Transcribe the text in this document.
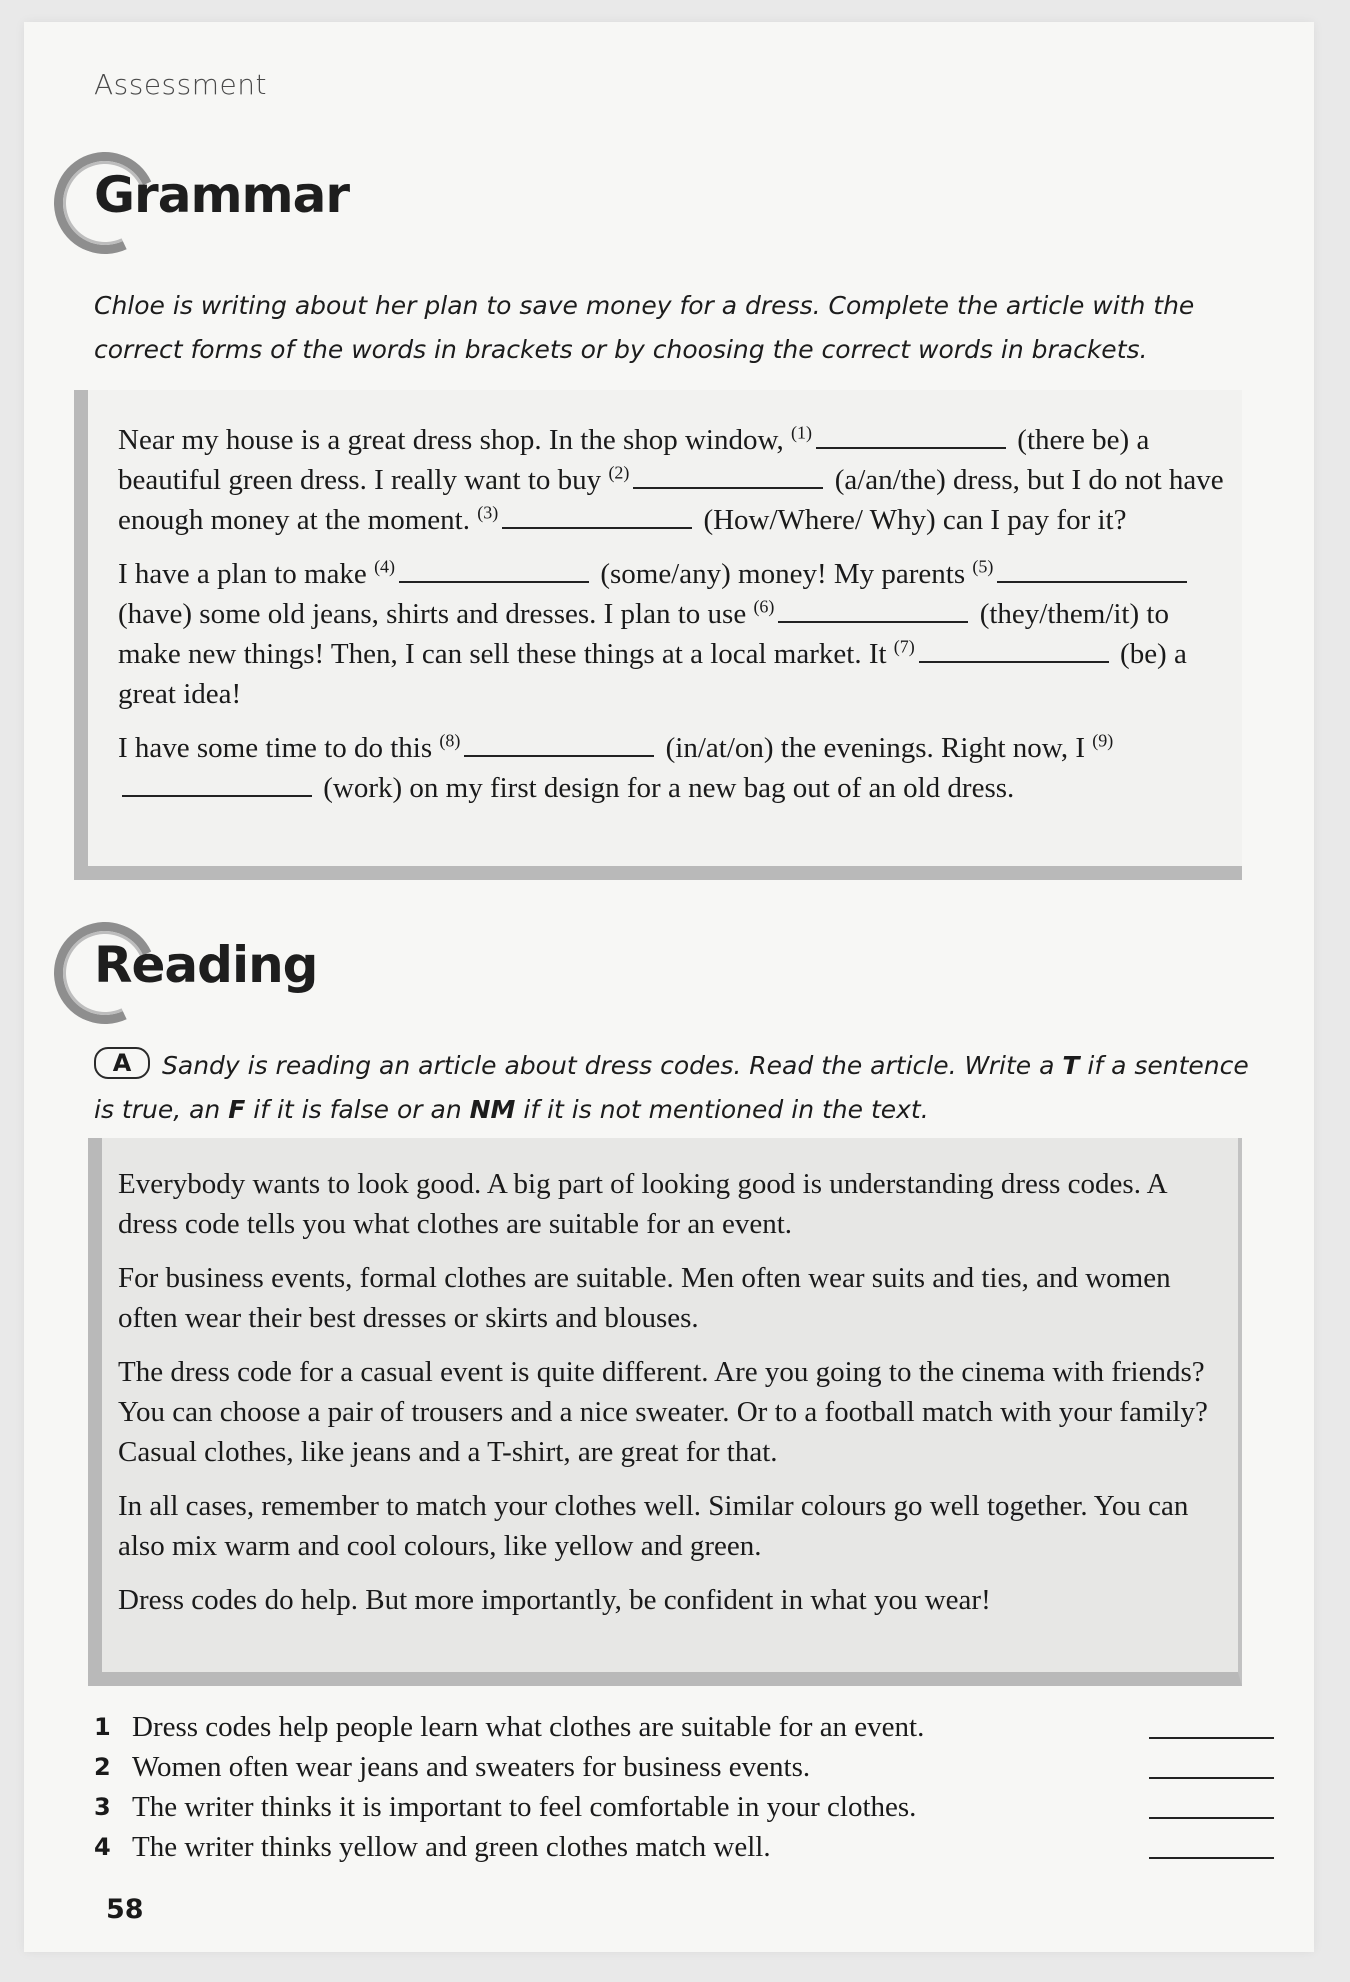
Assessment
Grammar
Chloe is writing about her plan to save money for a dress. Complete the article with the correct forms of the words in brackets or by choosing the correct words in brackets.

Near my house is a great dress shop. In the shop window, $^{(1)}$	(there be) a beautiful green dress. I really want to buy $^{(2)}$	(a/an/the) dress, but I do not have enough money at the moment. $^{(3)}$	(How/Where/ Why) can I pay for it?

I have a plan to make $^{(4)}$	(some/any) money! My parents $^{(5)}$ (have) some old jeans, shirts and dresses. I plan to use $^{(6)}$	(they/them/it) to make new things! Then, I can sell these things at a local market. It $^{(7)}$	(be) a great idea!

I have some time to do this $^{(8)}$	(in/at/on) the evenings. Right now, I $^{(9)}$ (work) on my first design for a new bag out of an old dress.

Reading
A Sandy is reading an article about dress codes. Read the article. Write a T if a sentence is true, an F if it is false or an NM if it is not mentioned in the text.

Everybody wants to look good. A big part of looking good is understanding dress codes. A dress code tells you what clothes are suitable for an event.

For business events, formal clothes are suitable. Men often wear suits and ties, and women often wear their best dresses or skirts and blouses.

The dress code for a casual event is quite different. Are you going to the cinema with friends? You can choose a pair of trousers and a nice sweater. Or to a football match with your family? Casual clothes, like jeans and a T-shirt, are great for that.

In all cases, remember to match your clothes well. Similar colours go well together. You can also mix warm and cool colours, like yellow and green.

Dress codes do help. But more importantly, be confident in what you wear!

1 Dress codes help people learn what clothes are suitable for an event.
2 Women often wear jeans and sweaters for business events.
3 The writer thinks it is important to feel comfortable in your clothes.
4 The writer thinks yellow and green clothes match well.
58
